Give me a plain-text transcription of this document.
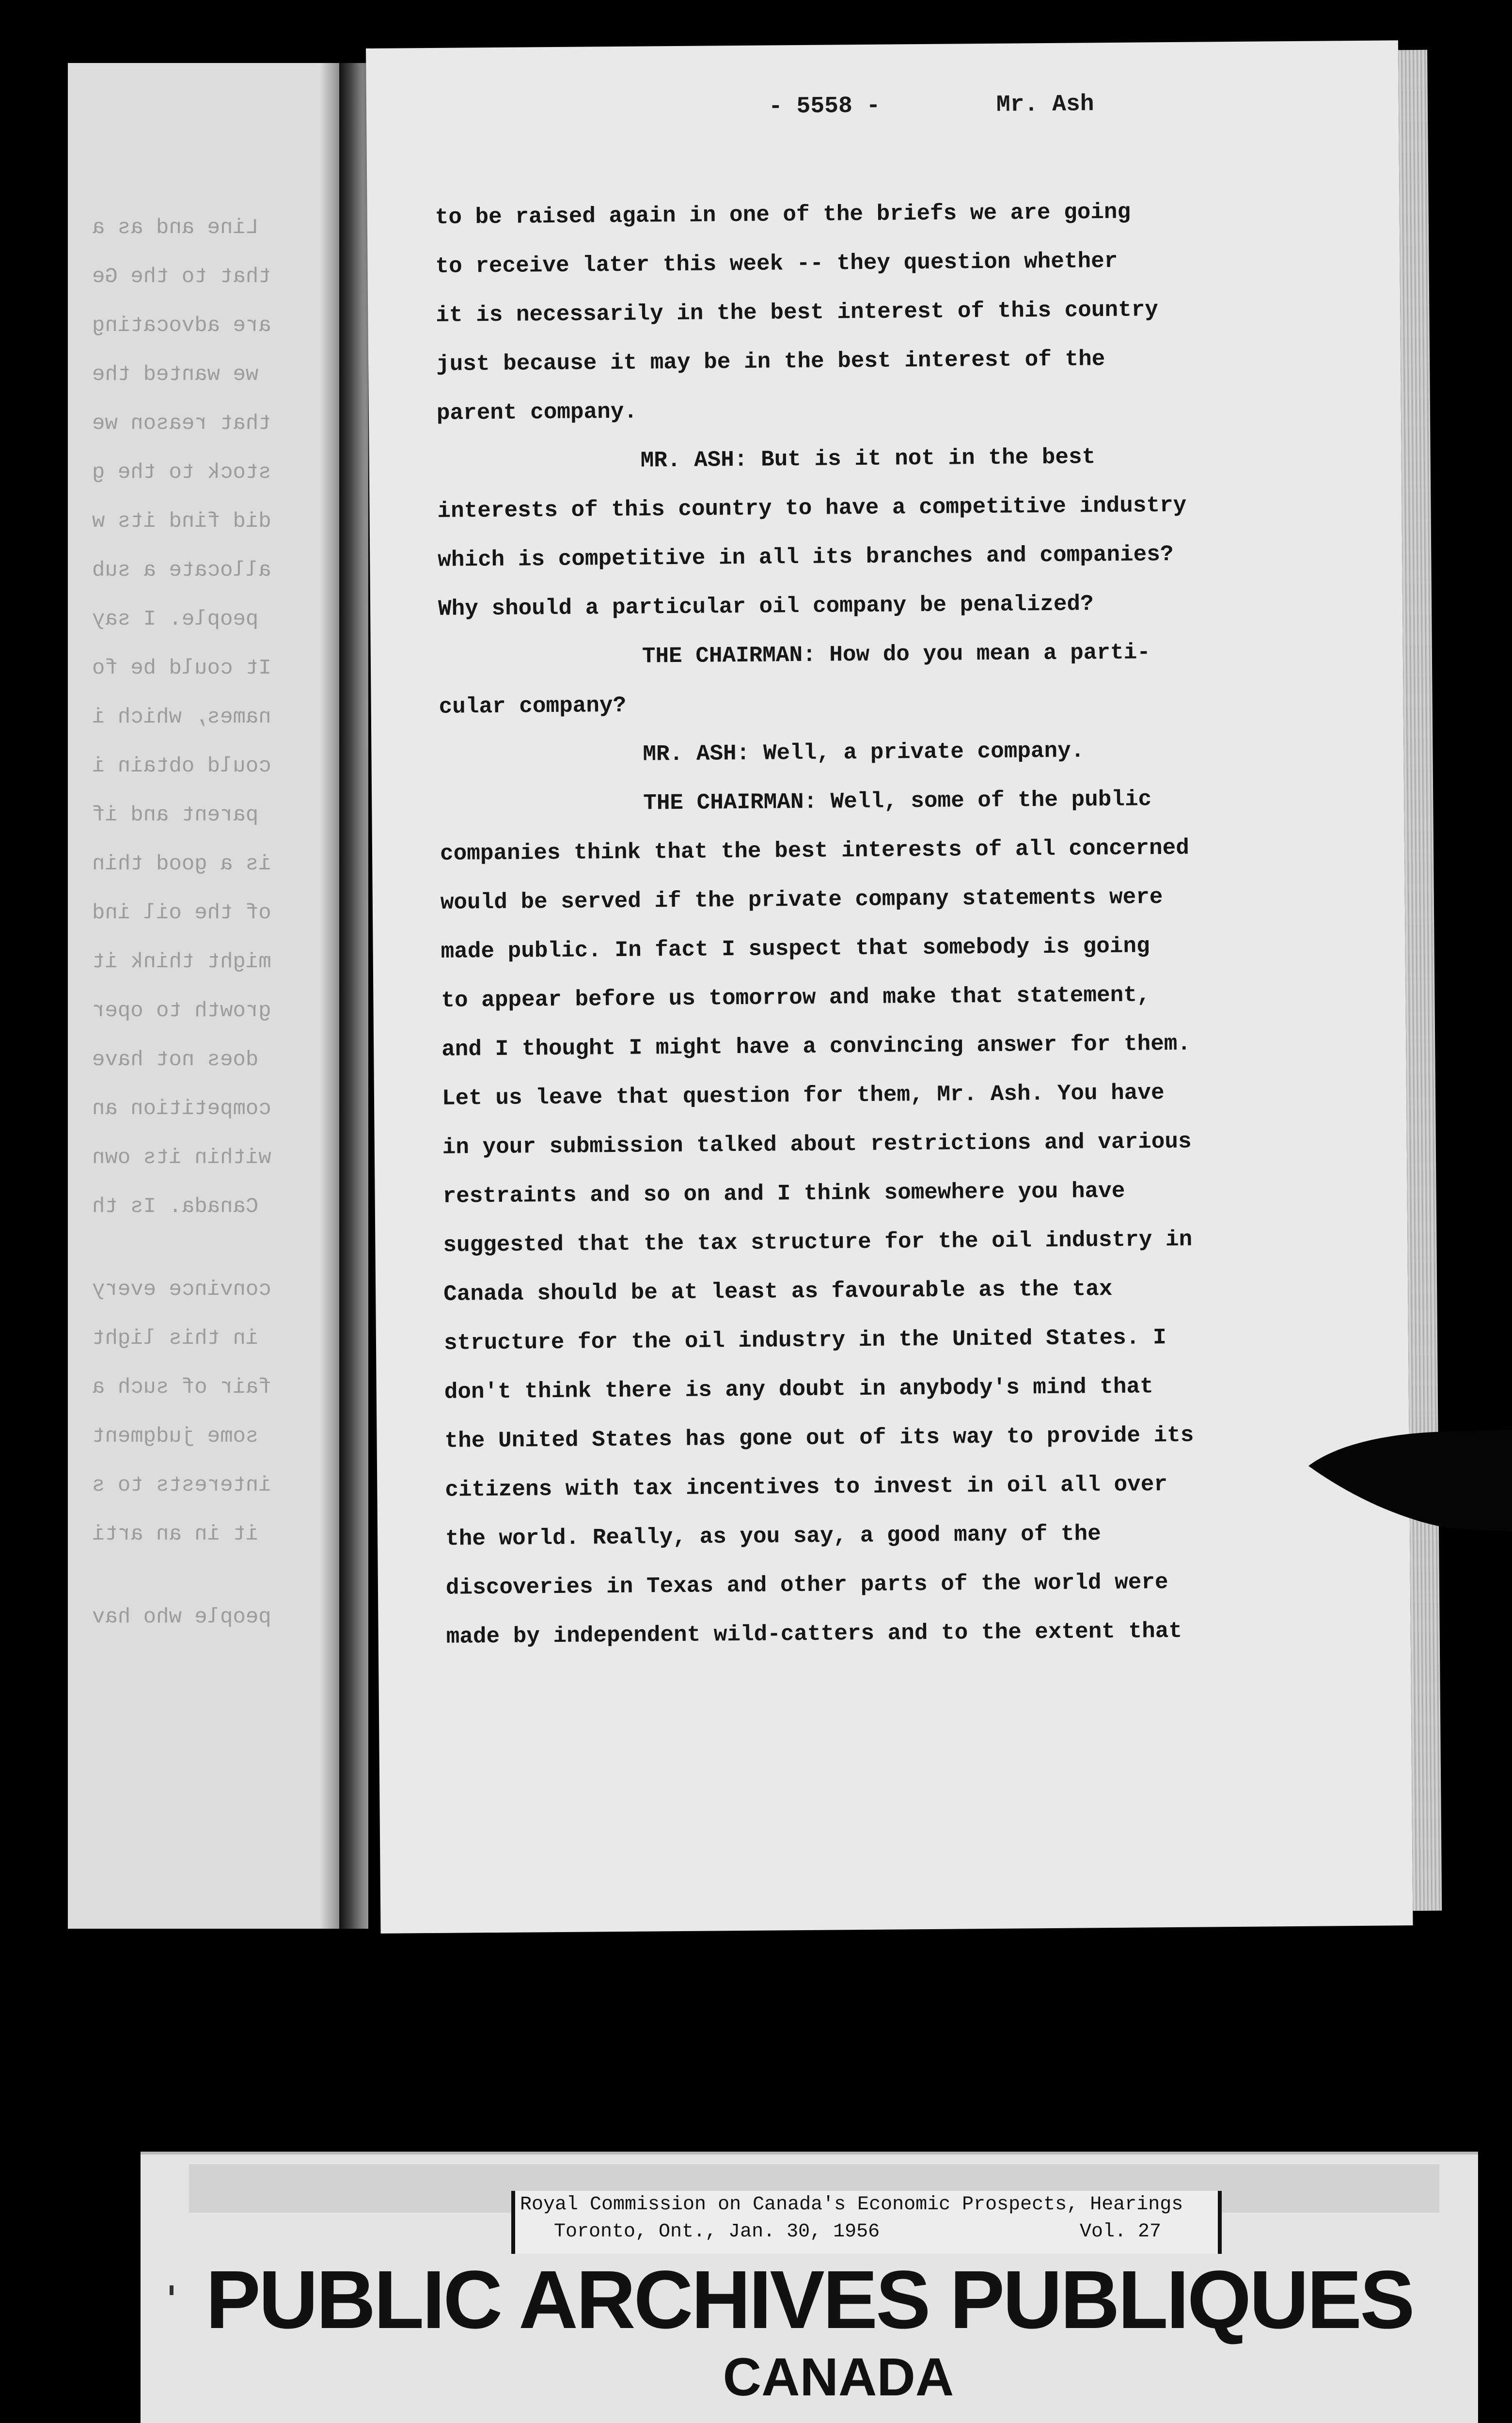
Line and as a
that to the Ge
are advocating
we wanted the
that reason we
stock to the g
did find its w
allocate a sub
people. I say
It could be fo
names, which i
could obtain i
parent and if
is a good thin
of the oil ind
might think it
growth to oper
does not have
competition an
within its own
Canada. Is th
convince every
in this light
fair of such a
some judgment
interests to s
it in an arti
people who hav
- 5558 -	Mr. Ash
to be raised again in one of the briefs we are going
to receive later this week -- they question whether
it is necessarily in the best interest of this country
just because it may be in the best interest of the
parent company.
MR. ASH: But is it not in the best
interests of this country to have a competitive industry
which is competitive in all its branches and companies?
Why should a particular oil company be penalized?
THE CHAIRMAN: How do you mean a parti-
cular company?
MR. ASH: Well, a private company.
THE CHAIRMAN: Well, some of the public
companies think that the best interests of all concerned
would be served if the private company statements were
made public. In fact I suspect that somebody is going
to appear before us tomorrow and make that statement,
and I thought I might have a convincing answer for them.
Let us leave that question for them, Mr. Ash. You have
in your submission talked about restrictions and various
restraints and so on and I think somewhere you have
suggested that the tax structure for the oil industry in
Canada should be at least as favourable as the tax
structure for the oil industry in the United States. I
don't think there is any doubt in anybody's mind that
the United States has gone out of its way to provide its
citizens with tax incentives to invest in oil all over
the world. Really, as you say, a good many of the
discoveries in Texas and other parts of the world were
made by independent wild-catters and to the extent that
Royal Commission on Canada's Economic Prospects, Hearings
Toronto, Ont., Jan. 30, 1956	Vol. 27
PUBLIC ARCHIVES PUBLIQUES
CANADA
